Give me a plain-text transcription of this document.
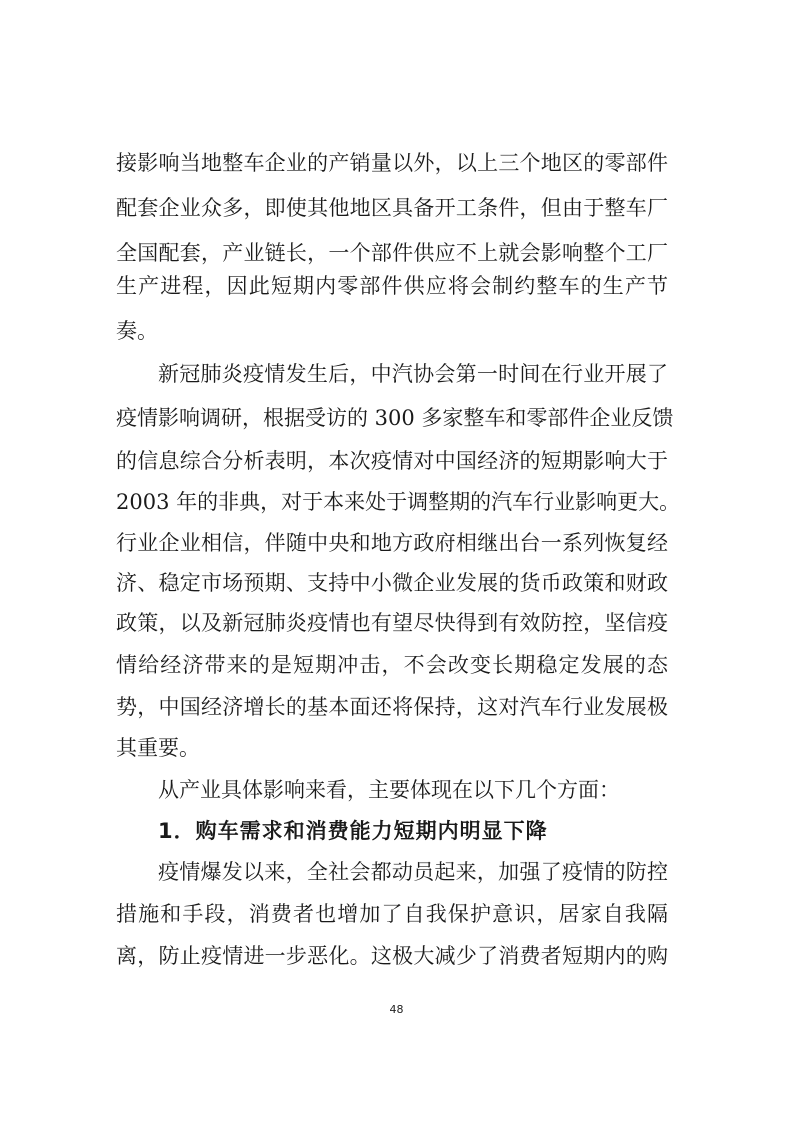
接影响当地整车企业的产销量以外，以上三个地区的零部件
配套企业众多，即使其他地区具备开工条件，但由于整车厂
全国配套，产业链长，一个部件供应不上就会影响整个工厂
生产进程，因此短期内零部件供应将会制约整车的生产节
奏。
新冠肺炎疫情发生后，中汽协会第一时间在行业开展了
疫情影响调研，根据受访的 300 多家整车和零部件企业反馈
的信息综合分析表明，本次疫情对中国经济的短期影响大于
2003 年的非典，对于本来处于调整期的汽车行业影响更大。
行业企业相信，伴随中央和地方政府相继出台一系列恢复经
济、稳定市场预期、支持中小微企业发展的货币政策和财政
政策，以及新冠肺炎疫情也有望尽快得到有效防控，坚信疫
情给经济带来的是短期冲击，不会改变长期稳定发展的态
势，中国经济增长的基本面还将保持，这对汽车行业发展极
其重要。
从产业具体影响来看，主要体现在以下几个方面：
1．购车需求和消费能力短期内明显下降
疫情爆发以来，全社会都动员起来，加强了疫情的防控
措施和手段，消费者也增加了自我保护意识，居家自我隔
离，防止疫情进一步恶化。这极大减少了消费者短期内的购
48
